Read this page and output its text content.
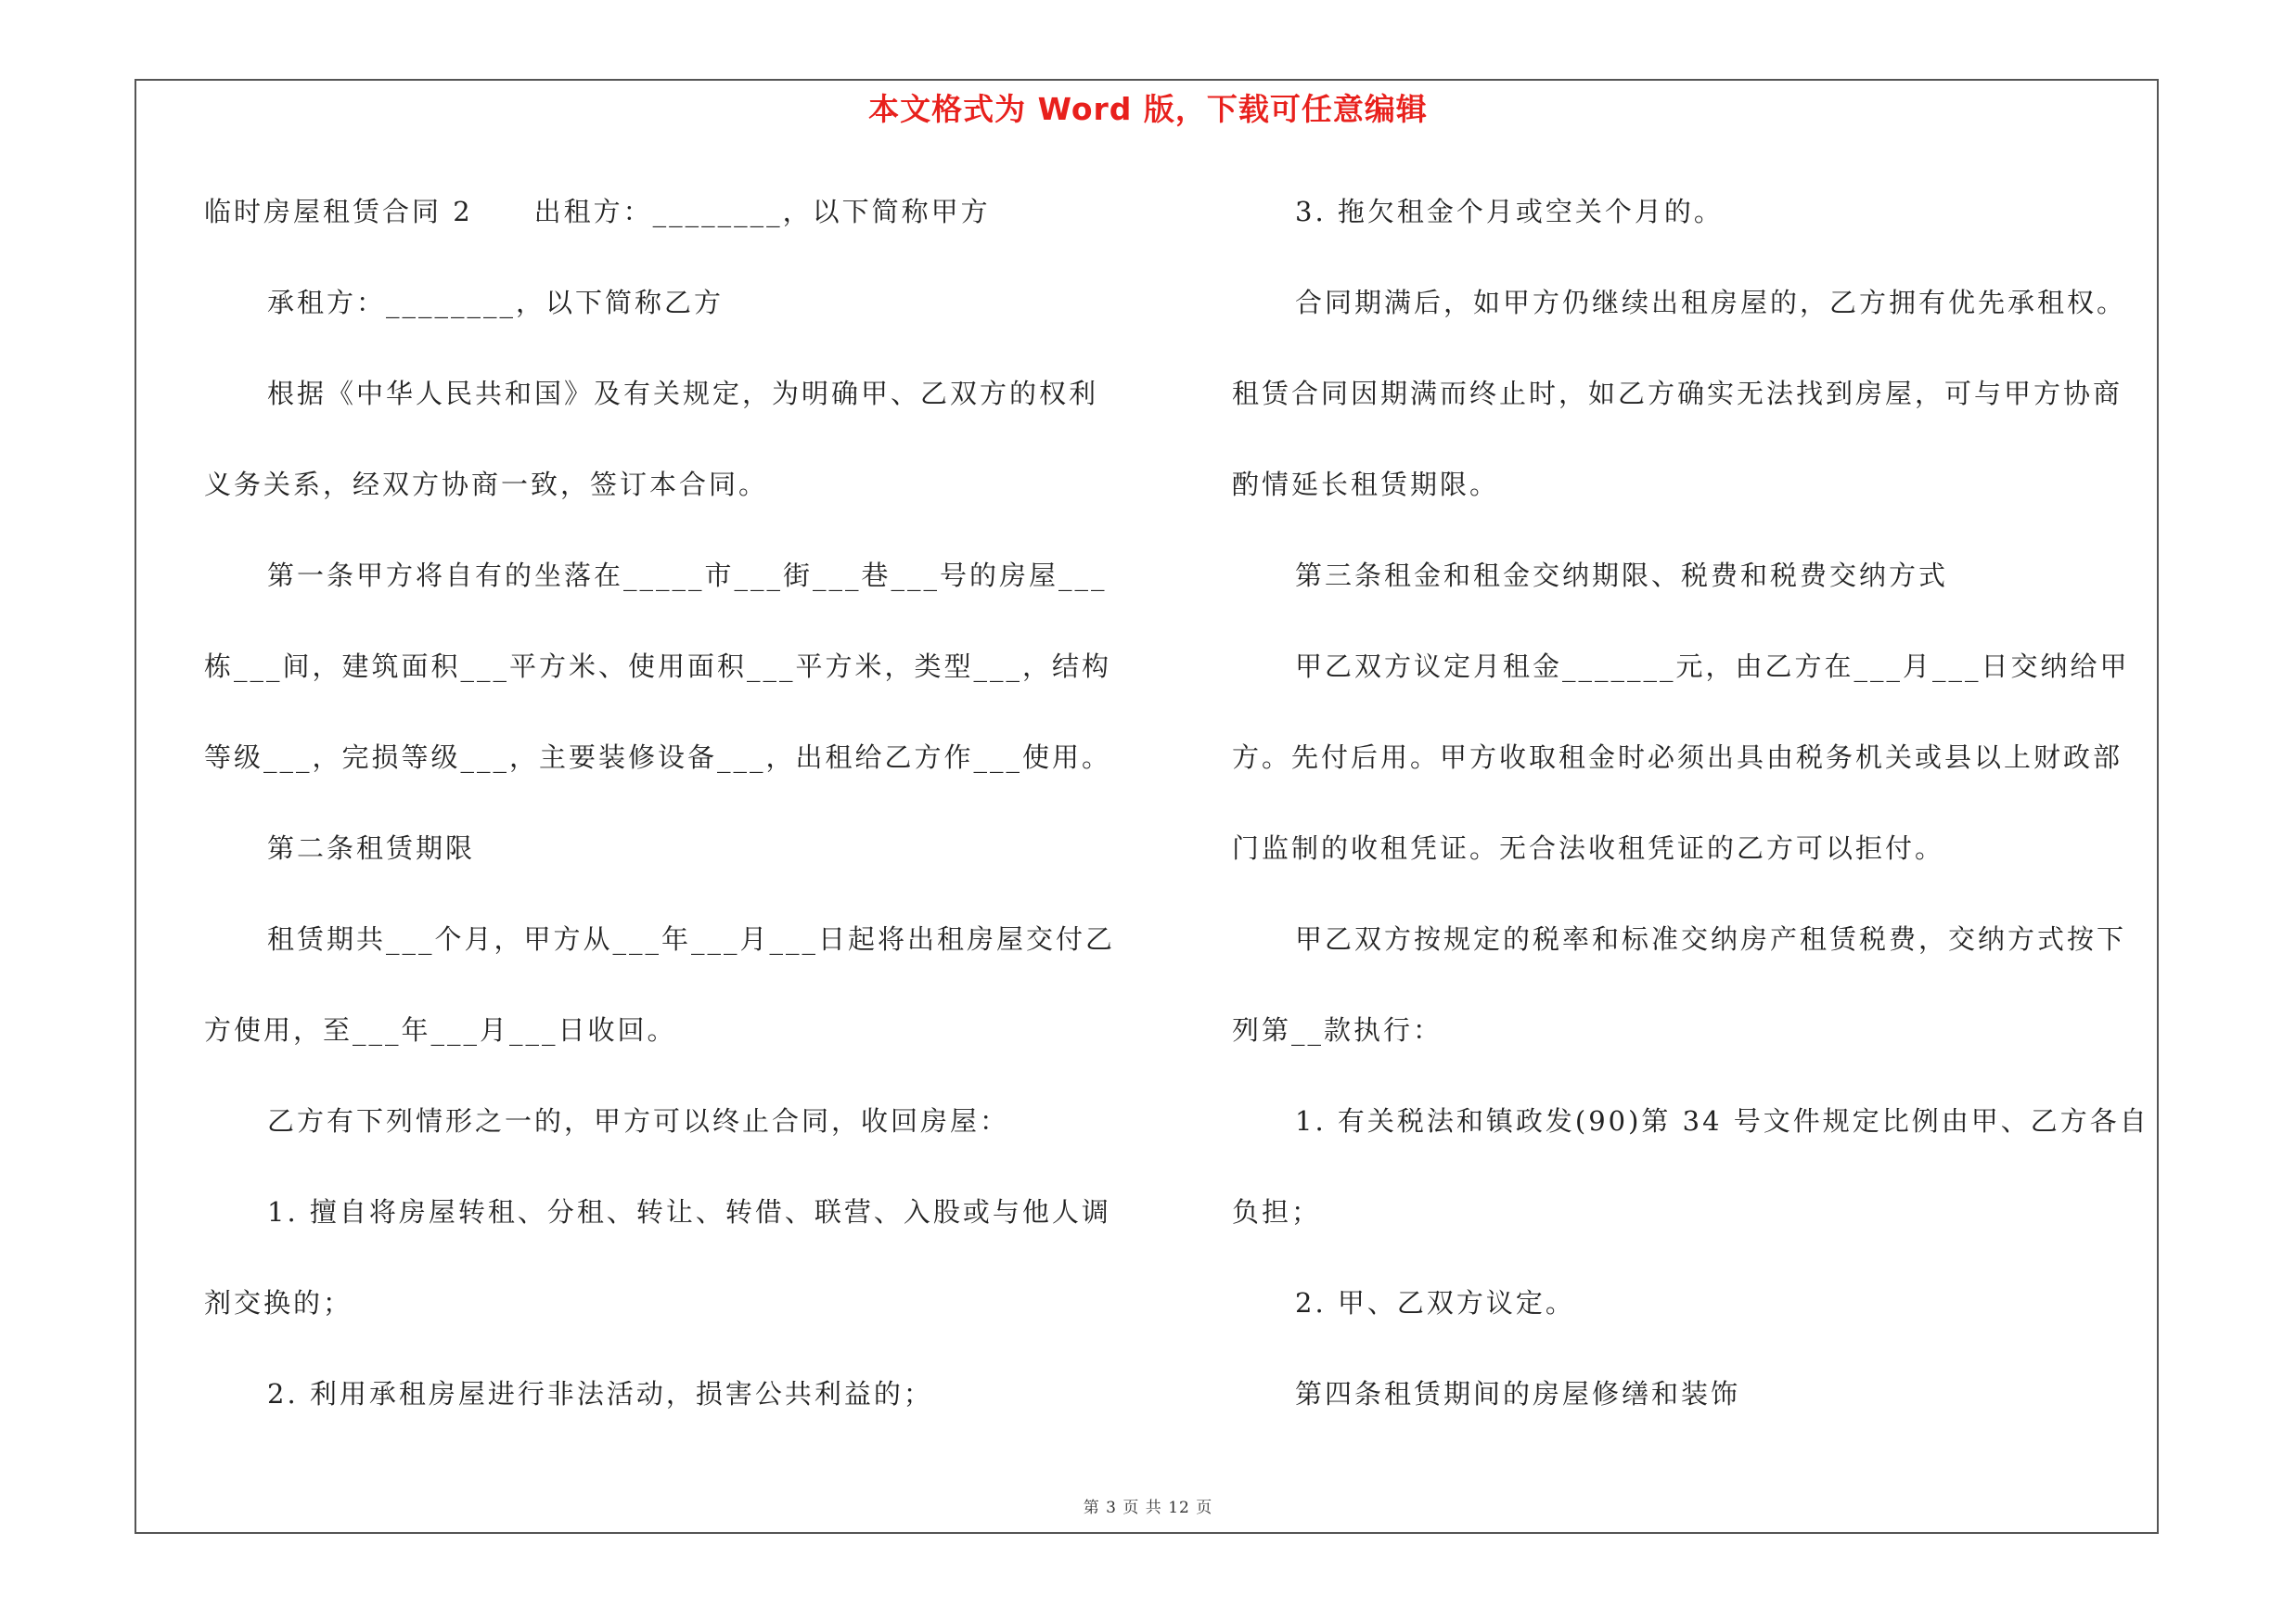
本文格式为 Word 版，下载可任意编辑
临时房屋租赁合同 2 出租方：________，以下简称甲方
承租方：________，以下简称乙方
根据《中华人民共和国》及有关规定，为明确甲、乙双方的权利
义务关系，经双方协商一致，签订本合同。
第一条甲方将自有的坐落在_____市___街___巷___号的房屋___
栋___间，建筑面积___平方米、使用面积___平方米，类型___，结构
等级___，完损等级___，主要装修设备___，出租给乙方作___使用。
第二条租赁期限
租赁期共___个月，甲方从___年___月___日起将出租房屋交付乙
方使用，至___年___月___日收回。
乙方有下列情形之一的，甲方可以终止合同，收回房屋：
1. 擅自将房屋转租、分租、转让、转借、联营、入股或与他人调
剂交换的；
2. 利用承租房屋进行非法活动，损害公共利益的；
3. 拖欠租金个月或空关个月的。
合同期满后，如甲方仍继续出租房屋的，乙方拥有优先承租权。
租赁合同因期满而终止时，如乙方确实无法找到房屋，可与甲方协商
酌情延长租赁期限。
第三条租金和租金交纳期限、税费和税费交纳方式
甲乙双方议定月租金_______元，由乙方在___月___日交纳给甲
方。先付后用。甲方收取租金时必须出具由税务机关或县以上财政部
门监制的收租凭证。无合法收租凭证的乙方可以拒付。
甲乙双方按规定的税率和标准交纳房产租赁税费，交纳方式按下
列第__款执行：
1. 有关税法和镇政发(90)第 34 号文件规定比例由甲、乙方各自
负担；
2. 甲、乙双方议定。
第四条租赁期间的房屋修缮和装饰
第 3 页 共 12 页
